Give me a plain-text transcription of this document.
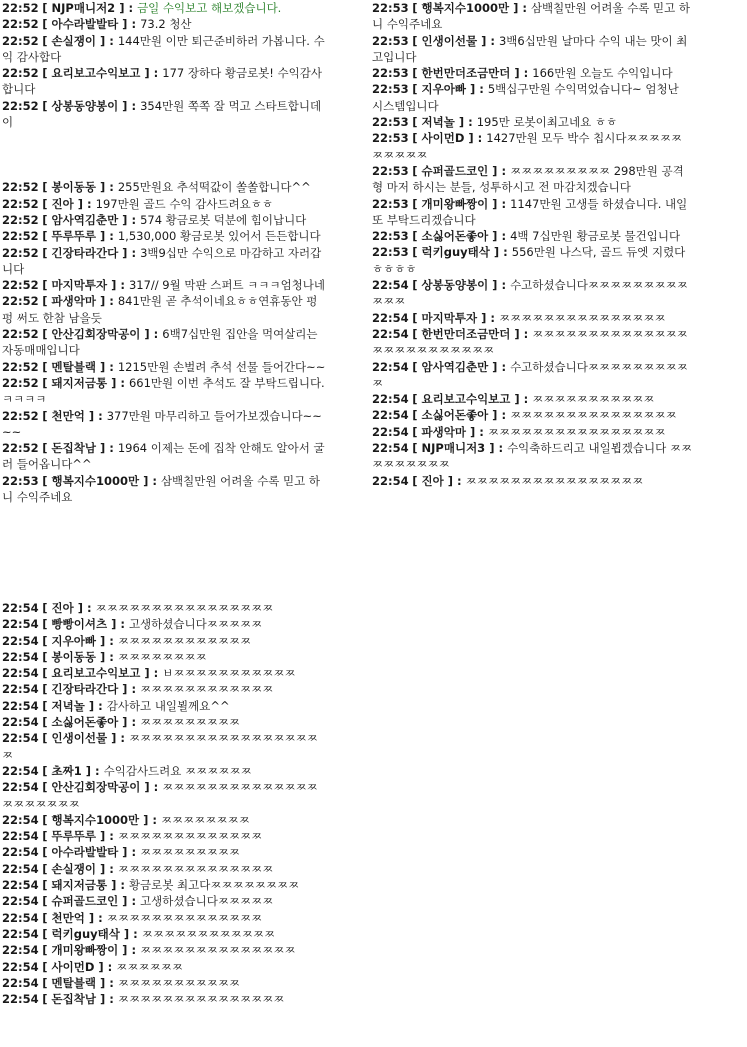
22:52 [ NJP매니저2 ] : 금일 수익보고 해보겠습니다.

22:52 [ 아수라발발타 ] : 73.2 청산

22:52 [ 손실쟁이 ] : 144만원 이만 퇴근준비하러 가봅니다. 수익 감사합다

22:52 [ 요리보고수익보고 ] : 177 장하다 황금로봇! 수익감사합니다

22:52 [ 상봉동양봉이 ] : 354만원 쪽쪽 잘 먹고 스타트합니데이

22:52 [ 봉이동동 ] : 255만원요 추석떡값이 쏠쏠합니다^^

22:52 [ 진아 ] : 197만원 골드 수익 감사드려요ㅎㅎ

22:52 [ 암사역김춘만 ] : 574 황금로봇 덕분에 힘이납니다

22:52 [ 뚜루뚜루 ] : 1,530,000 황금로봇 있어서 든든합니다

22:52 [ 긴장타라간다 ] : 3백9십만 수익으로 마감하고 자러갑니다

22:52 [ 마지막투자 ] : 317// 9월 막판 스퍼트 ㅋㅋㅋ엄청나네

22:52 [ 파생악마 ] : 841만원 곧 추석이네요ㅎㅎ연휴동안 펑펑 써도 한참 남을듯

22:52 [ 안산김회장막공이 ] : 6백7십만원 집안을 먹여살리는 자동매매입니다

22:52 [ 멘탈블랙 ] : 1215만원 손벌려 추석 선물 들어간다~~

22:52 [ 돼지저금통 ] : 661만원 이번 추석도 잘 부탁드립니다. ㅋㅋㅋㅋ

22:52 [ 천만억 ] : 377만원 마무리하고 들어가보겠습니다~~~~

22:52 [ 돈집착남 ] : 1964 이제는 돈에 집착 안해도 알아서 굴러 들어옵니다^^

22:53 [ 행복지수1000만 ] : 삼백칠만원 어려울 수록 믿고 하니 수익주네요

22:53 [ 행복지수1000만 ] : 삼백칠만원 어려울 수록 믿고 하니 수익주네요

22:53 [ 인생이선물 ] : 3백6십만원 날마다 수익 내는 맛이 최고입니다

22:53 [ 한번만더조금만더 ] : 166만원 오늘도 수익입니다

22:53 [ 지우아빠 ] : 5백십구만원 수익먹었습니다~ 엄청난 시스템입니다

22:53 [ 저녁놀 ] : 195만 로봇이최고네요 ㅎㅎ

22:53 [ 사이먼D ] : 1427만원 모두 박수 칩시다ㅉㅉㅉㅉㅉㅉㅉㅉㅉㅉ

22:53 [ 슈퍼골드코인 ] : ㅉㅉㅉㅉㅉㅉㅉㅉㅉ 298만원 공격형 마저 하시는 분들, 성투하시고 전 마감치겠습니다

22:53 [ 개미왕빠짱이 ] : 1147만원 고생들 하셨습니다. 내일 또 부탁드리겠습니다

22:53 [ 소싫어돈좋아 ] : 4백 7십만원 황금로봇 물건입니다

22:53 [ 럭키guy태삭 ] : 556만원 나스닥, 골드 듀엣 지렸다ㅎㅎㅎㅎ

22:54 [ 상봉동양봉이 ] : 수고하셨습니다ㅉㅉㅉㅉㅉㅉㅉㅉㅉㅉㅉㅉ

22:54 [ 마지막투자 ] : ㅉㅉㅉㅉㅉㅉㅉㅉㅉㅉㅉㅉㅉㅉㅉ

22:54 [ 한번만더조금만더 ] : ㅉㅉㅉㅉㅉㅉㅉㅉㅉㅉㅉㅉㅉㅉㅉㅉㅉㅉㅉㅉㅉㅉㅉㅉㅉ

22:54 [ 암사역김춘만 ] : 수고하셨습니다ㅉㅉㅉㅉㅉㅉㅉㅉㅉㅉ

22:54 [ 요리보고수익보고 ] : ㅉㅉㅉㅉㅉㅉㅉㅉㅉㅉㅉ

22:54 [ 소싫어돈좋아 ] : ㅉㅉㅉㅉㅉㅉㅉㅉㅉㅉㅉㅉㅉㅉㅉ

22:54 [ 파생악마 ] : ㅉㅉㅉㅉㅉㅉㅉㅉㅉㅉㅉㅉㅉㅉㅉㅉ

22:54 [ NJP매니저3 ] : 수익축하드리고 내일뵙겠습니다 ㅉㅉㅉㅉㅉㅉㅉㅉㅉ

22:54 [ 진아 ] : ㅉㅉㅉㅉㅉㅉㅉㅉㅉㅉㅉㅉㅉㅉㅉㅉ

22:54 [ 진아 ] : ㅉㅉㅉㅉㅉㅉㅉㅉㅉㅉㅉㅉㅉㅉㅉㅉ

22:54 [ 빵빵이셔츠 ] : 고생하셨습니다ㅉㅉㅉㅉㅉ

22:54 [ 지우아빠 ] : ㅉㅉㅉㅉㅉㅉㅉㅉㅉㅉㅉㅉ

22:54 [ 봉이동동 ] : ㅉㅉㅉㅉㅉㅉㅉㅉ

22:54 [ 요리보고수익보고 ] : ㅂㅉㅉㅉㅉㅉㅉㅉㅉㅉㅉㅉ

22:54 [ 긴장타라간다 ] : ㅉㅉㅉㅉㅉㅉㅉㅉㅉㅉㅉㅉ

22:54 [ 저녁놀 ] : 감사하고 내일뵐께요^^

22:54 [ 소싫어돈좋아 ] : ㅉㅉㅉㅉㅉㅉㅉㅉㅉ

22:54 [ 인생이선물 ] : ㅉㅉㅉㅉㅉㅉㅉㅉㅉㅉㅉㅉㅉㅉㅉㅉㅉㅉ

22:54 [ 초짜1 ] : 수익감사드려요 ㅉㅉㅉㅉㅉㅉ

22:54 [ 안산김회장막공이 ] : ㅉㅉㅉㅉㅉㅉㅉㅉㅉㅉㅉㅉㅉㅉㅉㅉㅉㅉㅉㅉㅉ

22:54 [ 행복지수1000만 ] : ㅉㅉㅉㅉㅉㅉㅉㅉ

22:54 [ 뚜루뚜루 ] : ㅉㅉㅉㅉㅉㅉㅉㅉㅉㅉㅉㅉㅉ

22:54 [ 아수라발발타 ] : ㅉㅉㅉㅉㅉㅉㅉㅉㅉ

22:54 [ 손실쟁이 ] : ㅉㅉㅉㅉㅉㅉㅉㅉㅉㅉㅉㅉㅉㅉ

22:54 [ 돼지저금통 ] : 황금로봇 최고다ㅉㅉㅉㅉㅉㅉㅉㅉ

22:54 [ 슈퍼골드코인 ] : 고생하셨습니다ㅉㅉㅉㅉㅉ

22:54 [ 천만억 ] : ㅉㅉㅉㅉㅉㅉㅉㅉㅉㅉㅉㅉㅉㅉ

22:54 [ 럭키guy태삭 ] : ㅉㅉㅉㅉㅉㅉㅉㅉㅉㅉㅉㅉ

22:54 [ 개미왕빠짱이 ] : ㅉㅉㅉㅉㅉㅉㅉㅉㅉㅉㅉㅉㅉㅉ

22:54 [ 사이먼D ] : ㅉㅉㅉㅉㅉㅉ

22:54 [ 멘탈블랙 ] : ㅉㅉㅉㅉㅉㅉㅉㅉㅉㅉㅉ

22:54 [ 돈집착남 ] : ㅉㅉㅉㅉㅉㅉㅉㅉㅉㅉㅉㅉㅉㅉㅉ
